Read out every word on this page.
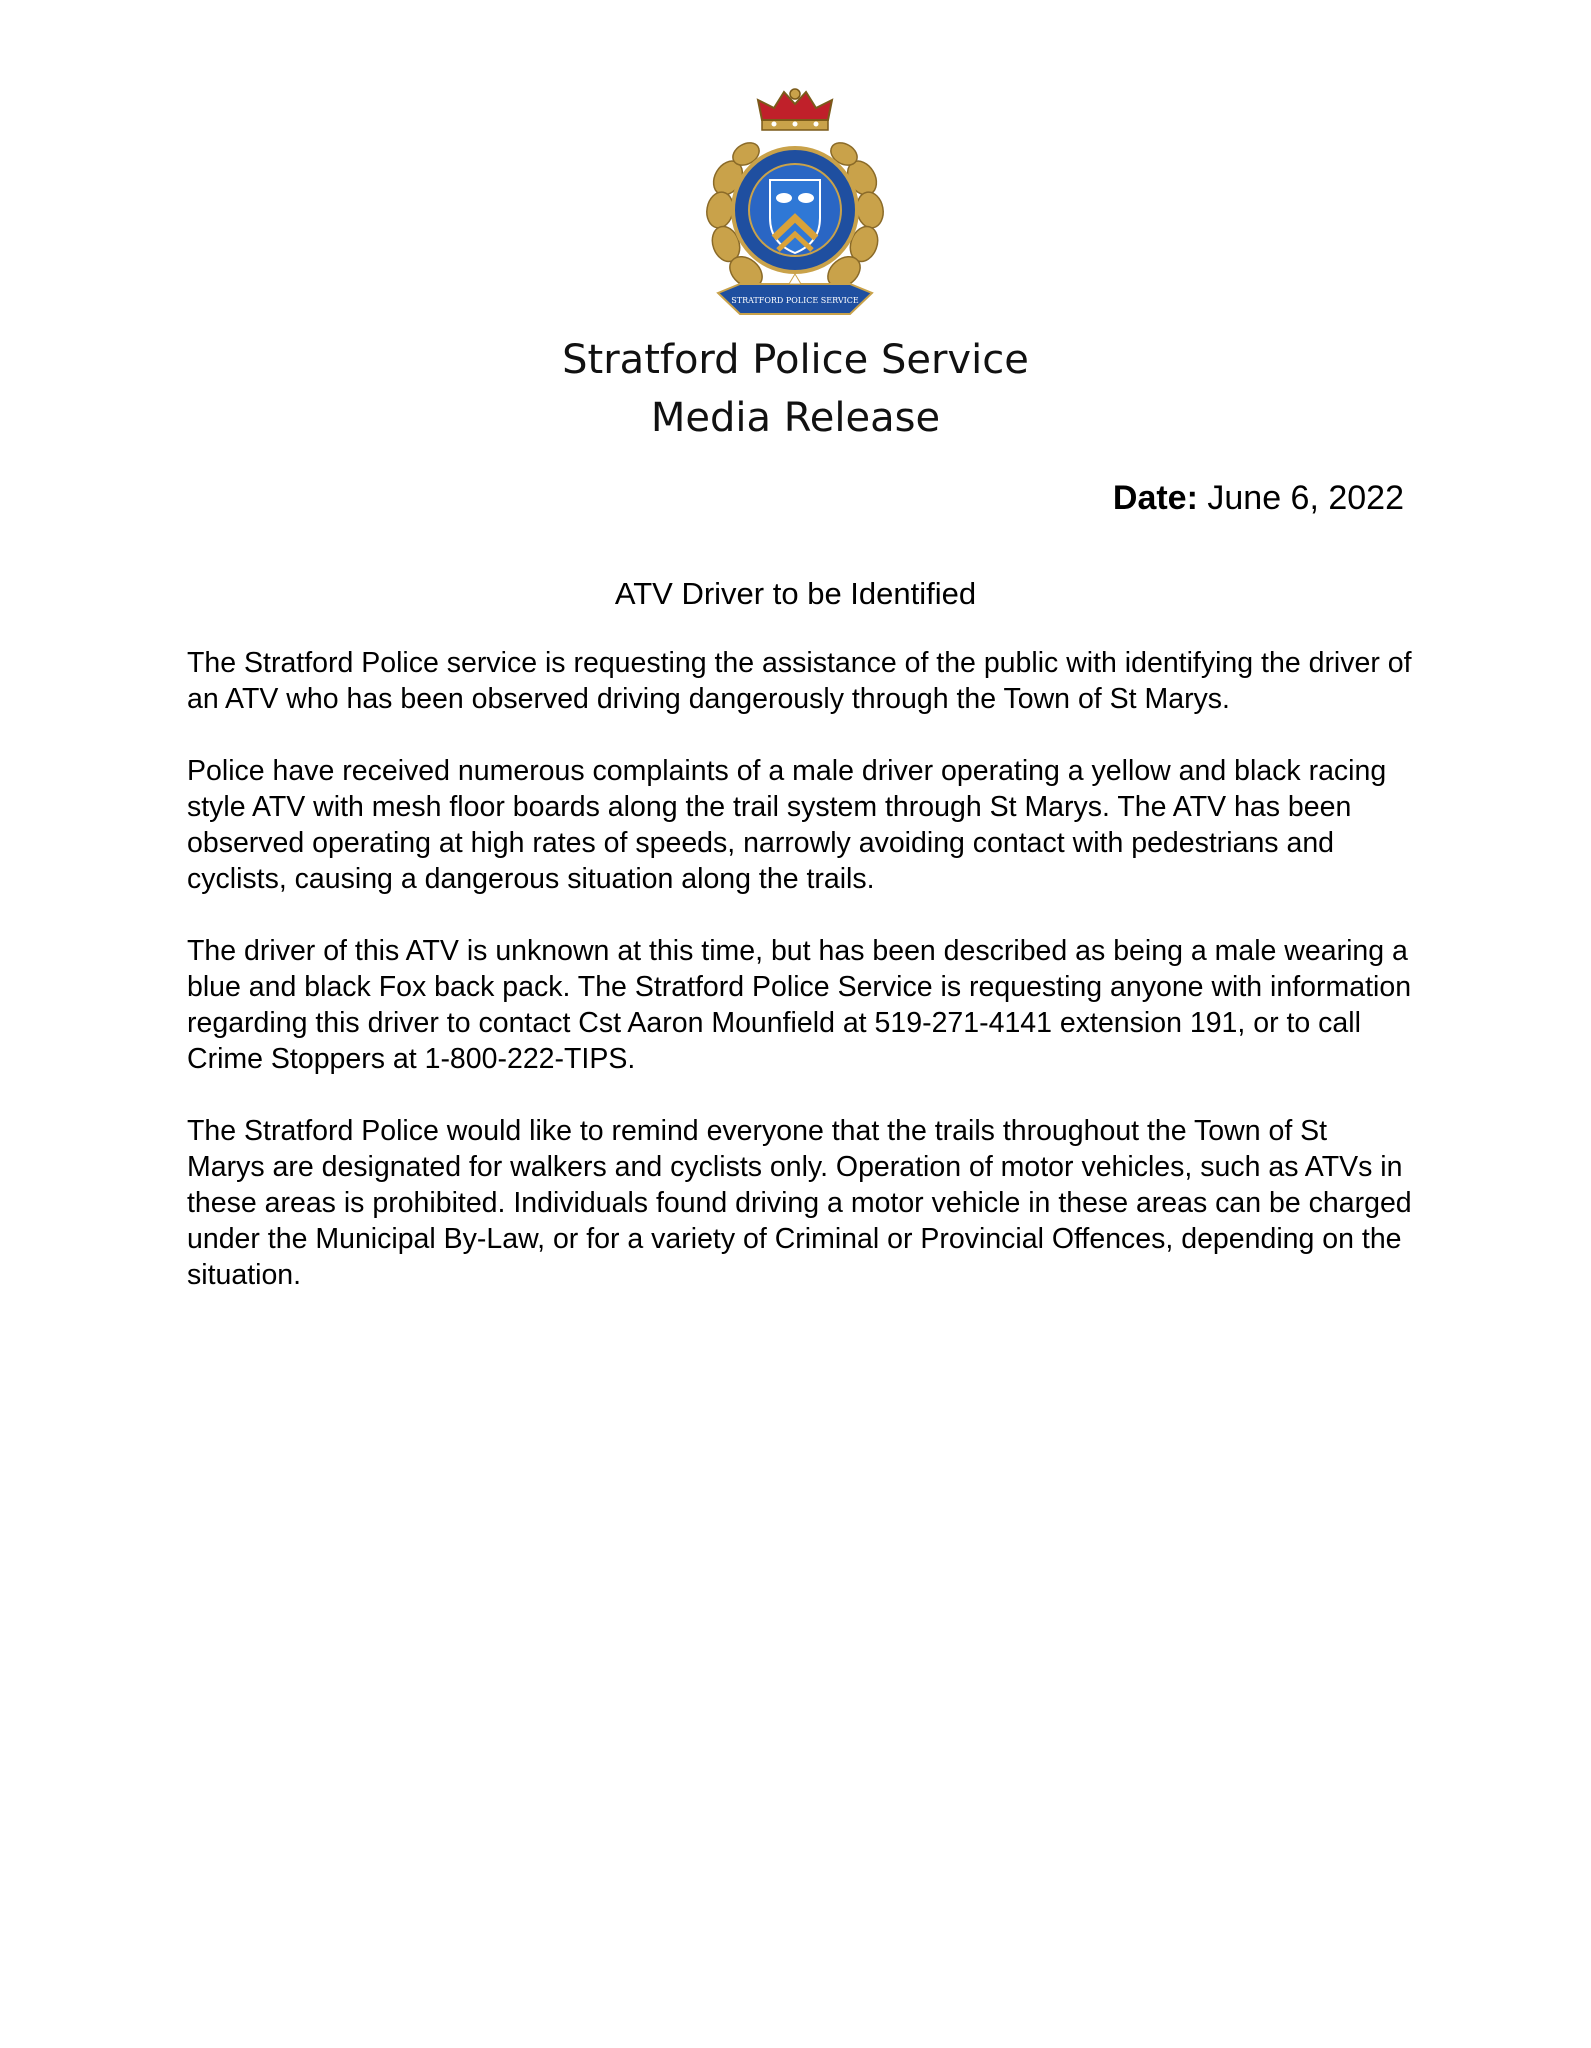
STRATFORD POLICE SERVICE
Stratford Police Service
Media Release
Date: June 6, 2022
ATV Driver to be Identified

The Stratford Police service is requesting the assistance of the public with identifying the driver of an ATV who has been observed driving dangerously through the Town of St Marys.

Police have received numerous complaints of a male driver operating a yellow and black racing style ATV with mesh floor boards along the trail system through St Marys. The ATV has been observed operating at high rates of speeds, narrowly avoiding contact with pedestrians and cyclists, causing a dangerous situation along the trails.

The driver of this ATV is unknown at this time, but has been described as being a male wearing a blue and black Fox back pack. The Stratford Police Service is requesting anyone with information regarding this driver to contact Cst Aaron Mounfield at 519-271-4141 extension 191, or to call Crime Stoppers at 1-800-222-TIPS.

The Stratford Police would like to remind everyone that the trails throughout the Town of St Marys are designated for walkers and cyclists only. Operation of motor vehicles, such as ATVs in these areas is prohibited. Individuals found driving a motor vehicle in these areas can be charged under the Municipal By-Law, or for a variety of Criminal or Provincial Offences, depending on the situation.
